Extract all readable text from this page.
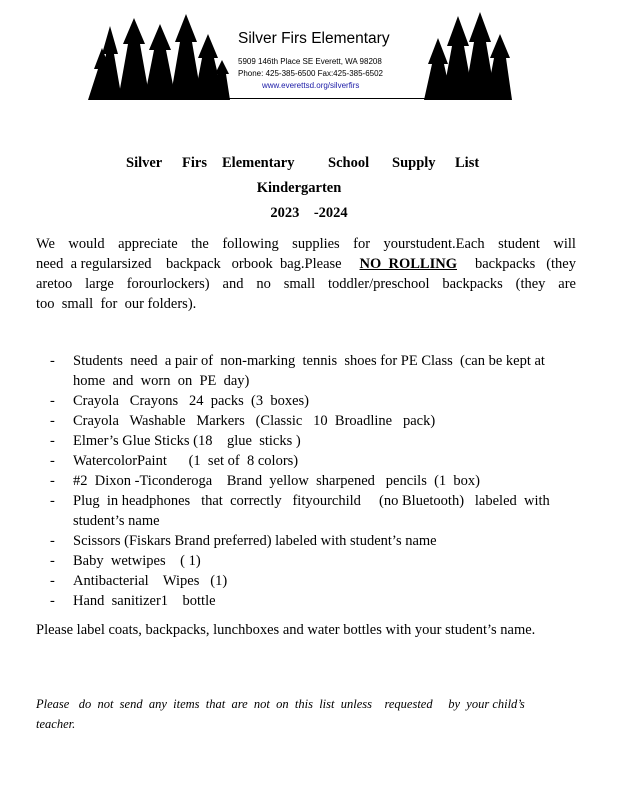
Silver Firs Elementary
5909 146th Place SE Everett, WA 98208
Phone: 425-385-6500 Fax:425-385-6502
www.everettsd.org/silverfirs
Silver Firs Elementary School Supply List
Kindergarten
2023    -2024
We would appreciate the following supplies for yourstudent.Each student will
need  a regularsized    backpack   orbook  bag.Please NO  ROLLING backpacks   (they
aretoo large forourlockers) and no small toddler/preschool backpacks (they are
too  small  for  our folders).
- Students  need  a pair of  non-marking  tennis  shoes for PE Class  (can be kept at home  and  worn  on  PE  day)
- Crayola   Crayons   24  packs  (3  boxes)
- Crayola   Washable   Markers   (Classic   10  Broadline   pack)
- Elmer’s Glue Sticks (18    glue  sticks )
- WatercolorPaint      (1  set of  8 colors)
- #2  Dixon -Ticonderoga    Brand  yellow  sharpened   pencils  (1  box)
- Plug  in headphones   that  correctly   fityourchild     (no Bluetooth)   labeled  with student’s name
- Scissors (Fiskars Brand preferred) labeled with student’s name
- Baby  wetwipes    ( 1)
- Antibacterial    Wipes   (1)
- Hand  sanitizer1    bottle
Please label coats, backpacks, lunchboxes and water bottles with your student’s name.
Please   do  not  send  any  items  that  are  not  on  this  list  unless    requested     by  your child’s teacher.
